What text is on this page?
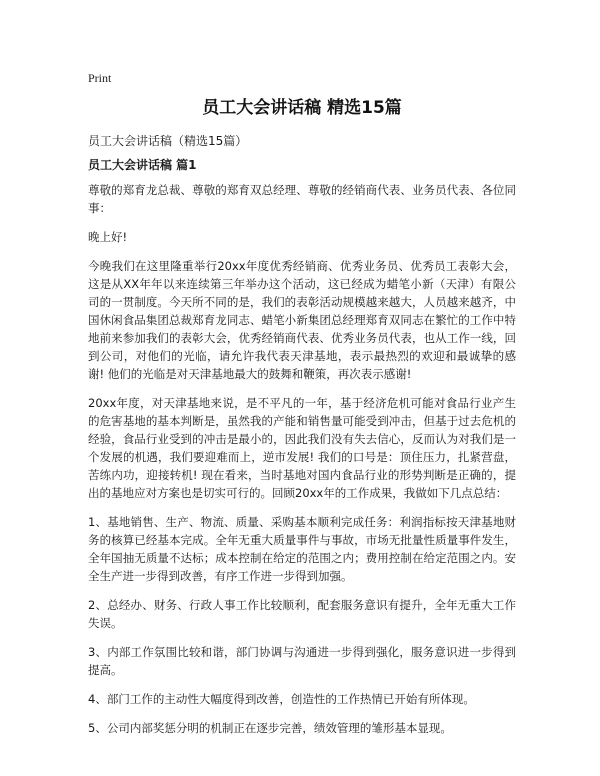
Print
员工大会讲话稿 精选15篇
员工大会讲话稿（精选15篇）
员工大会讲话稿 篇1

尊敬的郑育龙总裁、尊敬的郑育双总经理、尊敬的经销商代表、业务员代表、各位同事：

晚上好!

今晚我们在这里隆重举行20xx年度优秀经销商、优秀业务员、优秀员工表彰大会，这是从XX年年以来连续第三年举办这个活动，这已经成为蜡笔小新（天津）有限公司的一贯制度。今天所不同的是，我们的表彰活动规模越来越大，人员越来越齐，中国休闲食品集团总裁郑育龙同志、蜡笔小新集团总经理郑育双同志在繁忙的工作中特地前来参加我们的表彰大会，优秀经销商代表、优秀业务员代表，也从工作一线，回到公司，对他们的光临，请允许我代表天津基地，表示最热烈的欢迎和最诚挚的感谢! 他们的光临是对天津基地最大的鼓舞和鞭策，再次表示感谢!

20xx年度，对天津基地来说，是不平凡的一年，基于经济危机可能对食品行业产生的危害基地的基本判断是，虽然我的产能和销售量可能受到冲击，但基于过去危机的经验，食品行业受到的冲击是最小的，因此我们没有失去信心，反而认为对我们是一个发展的机遇，我们要迎难而上，逆市发展! 我们的口号是：顶住压力，扎紧营盘，苦练内功，迎接转机! 现在看来，当时基地对国内食品行业的形势判断是正确的，提出的基地应对方案也是切实可行的。回顾20xx年的工作成果，我做如下几点总结：

1、基地销售、生产、物流、质量、采购基本顺利完成任务：利润指标按天津基地财务的核算已经基本完成。全年无重大质量事件与事故，市场无批量性质量事件发生，全年国抽无质量不达标；成本控制在给定的范围之内；费用控制在给定范围之内。安全生产进一步得到改善，有序工作进一步得到加强。

2、总经办、财务、行政人事工作比较顺利，配套服务意识有提升，全年无重大工作失误。

3、内部工作氛围比较和谐，部门协调与沟通进一步得到强化，服务意识进一步得到提高。

4、部门工作的主动性大幅度得到改善，创造性的工作热情已开始有所体现。

5、公司内部奖惩分明的机制正在逐步完善，绩效管理的雏形基本显现。
